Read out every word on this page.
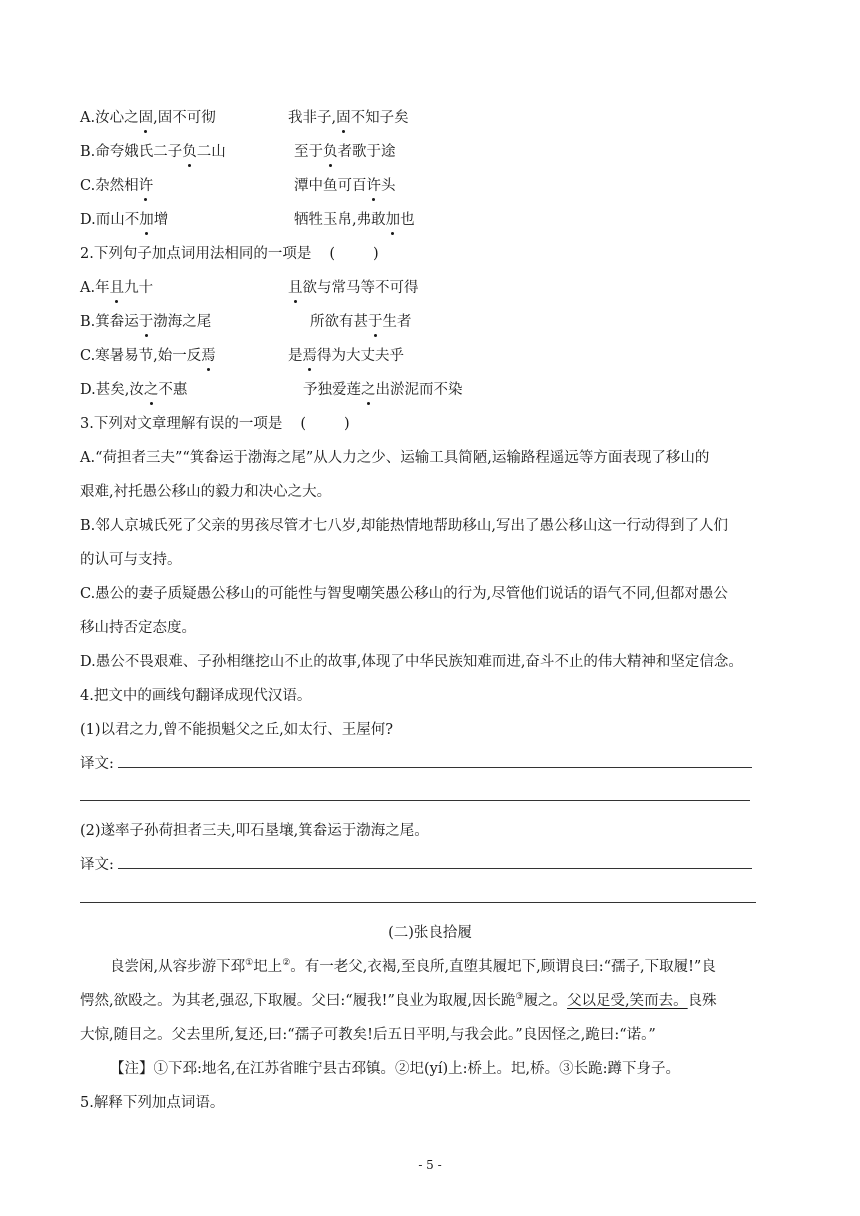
A.汝心之固,固不可彻	我非子,固不知子矣
B.命夸娥氏二子负二山	至于负者歌于途
C.杂然相许	潭中鱼可百许头
D.而山不加增	牺牲玉帛,弗敢加也
2.下列句子加点词用法相同的一项是 (	)
A.年且九十	且欲与常马等不可得
B.箕畚运于渤海之尾	所欲有甚于生者
C.寒暑易节,始一反焉	是焉得为大丈夫乎
D.甚矣,汝之不惠	予独爱莲之出淤泥而不染
3.下列对文章理解有误的一项是 (	)
A.“荷担者三夫”“箕畚运于渤海之尾”从人力之少、运输工具简陋,运输路程遥远等方面表现了移山的
艰难,衬托愚公移山的毅力和决心之大。
B.邻人京城氏死了父亲的男孩尽管才七八岁,却能热情地帮助移山,写出了愚公移山这一行动得到了人们
的认可与支持。
C.愚公的妻子质疑愚公移山的可能性与智叟嘲笑愚公移山的行为,尽管他们说话的语气不同,但都对愚公
移山持否定态度。
D.愚公不畏艰难、子孙相继挖山不止的故事,体现了中华民族知难而进,奋斗不止的伟大精神和坚定信念。
4.把文中的画线句翻译成现代汉语。
(1)以君之力,曾不能损魁父之丘,如太行、王屋何?
译文:
(2)遂率子孙荷担者三夫,叩石垦壤,箕畚运于渤海之尾。
译文:
(二)张良拾履
良尝闲,从容步游下邳①圯上②。有一老父,衣褐,至良所,直堕其履圯下,顾谓良曰:“孺子,下取履!”良
愕然,欲殴之。为其老,强忍,下取履。父曰:“履我!”良业为取履,因长跪③履之。父以足受,笑而去。良殊
大惊,随目之。父去里所,复还,曰:“孺子可教矣!后五日平明,与我会此。”良因怪之,跪曰:“诺。”
【注】①下邳:地名,在江苏省睢宁县古邳镇。②圯(yí)上:桥上。圯,桥。③长跪:蹲下身子。
5.解释下列加点词语。
- 5 -
